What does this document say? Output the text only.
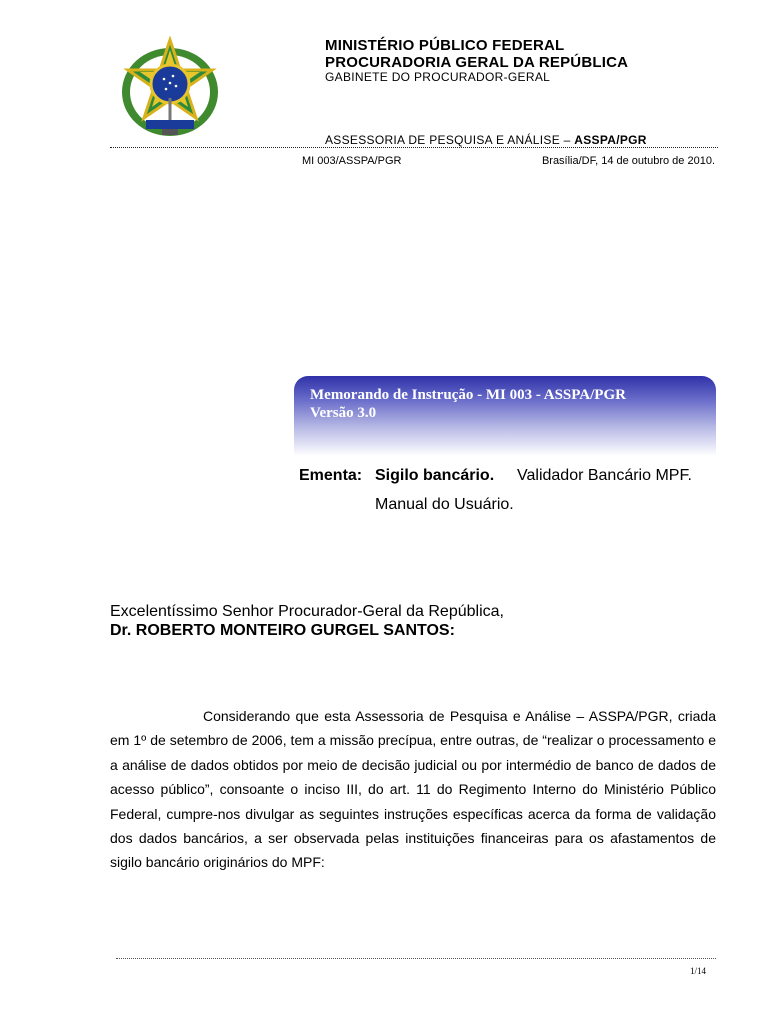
MINISTÉRIO PÚBLICO FEDERAL
PROCURADORIA GERAL DA REPÚBLICA
GABINETE DO PROCURADOR-GERAL
ASSESSORIA DE PESQUISA E ANÁLISE – ASSPA/PGR
MI 003/ASSPA/PGR	Brasília/DF, 14 de outubro de 2010.
Memorando de Instrução - MI 003 - ASSPA/PGR
Versão 3.0
Ementa: Sigilo bancário. Validador Bancário MPF.
Manual do Usuário.
Excelentíssimo Senhor Procurador-Geral da República,
Dr. ROBERTO MONTEIRO GURGEL SANTOS:
Considerando que esta Assessoria de Pesquisa e Análise – ASSPA/PGR, criada em 1º de setembro de 2006, tem a missão precípua, entre outras, de “realizar o processamento e a análise de dados obtidos por meio de decisão judicial ou por intermédio de banco de dados de acesso público”, consoante o inciso III, do art. 11 do Regimento Interno do Ministério Público Federal, cumpre-nos divulgar as seguintes instruções específicas acerca da forma de validação dos dados bancários, a ser observada pelas instituições financeiras para os afastamentos de sigilo bancário originários do MPF:
1/14
